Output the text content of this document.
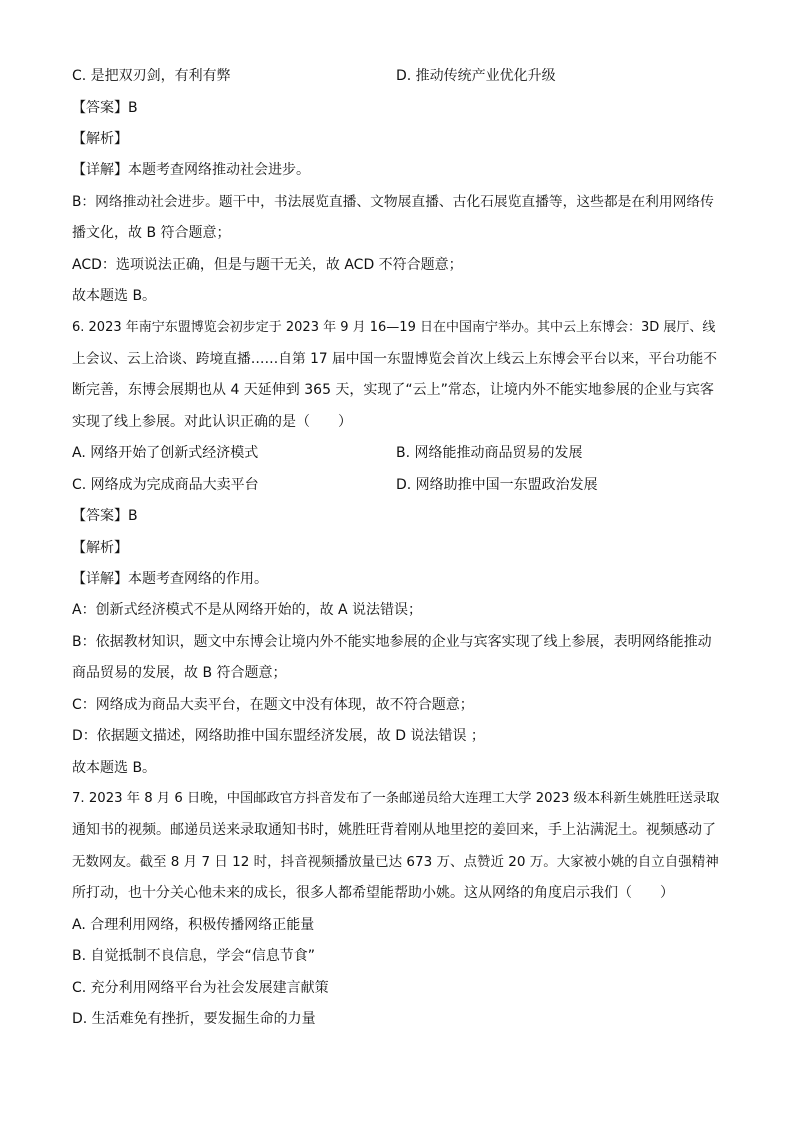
C. 是把双刃剑，有利有弊	D. 推动传统产业优化升级
【答案】B
【解析】
【详解】本题考查网络推动社会进步。
B：网络推动社会进步。题干中，书法展览直播、文物展直播、古化石展览直播等，这些都是在利用网络传
播文化，故 B 符合题意；
ACD：选项说法正确，但是与题干无关，故 ACD 不符合题意；
故本题选 B。
6. 2023 年南宁东盟博览会初步定于 2023 年 9 月 16—19 日在中国南宁举办。其中云上东博会：3D 展厅、线
上会议、云上洽谈、跨境直播……自第 17 届中国一东盟博览会首次上线云上东博会平台以来，平台功能不
断完善，东博会展期也从 4 天延伸到 365 天，实现了“云上”常态，让境内外不能实地参展的企业与宾客
实现了线上参展。对此认识正确的是（　　）
A. 网络开始了创新式经济模式	B. 网络能推动商品贸易的发展
C. 网络成为完成商品大卖平台	D. 网络助推中国一东盟政治发展
【答案】B
【解析】
【详解】本题考查网络的作用。
A：创新式经济模式不是从网络开始的，故 A 说法错误；
B：依据教材知识，题文中东博会让境内外不能实地参展的企业与宾客实现了线上参展，表明网络能推动
商品贸易的发展，故 B 符合题意；
C：网络成为商品大卖平台，在题文中没有体现，故不符合题意；
D：依据题文描述，网络助推中国东盟经济发展，故 D 说法错误 ；
故本题选 B。
7. 2023 年 8 月 6 日晚，中国邮政官方抖音发布了一条邮递员给大连理工大学 2023 级本科新生姚胜旺送录取
通知书的视频。邮递员送来录取通知书时，姚胜旺背着刚从地里挖的姜回来，手上沾满泥土。视频感动了
无数网友。截至 8 月 7 日 12 时，抖音视频播放量已达 673 万、点赞近 20 万。大家被小姚的自立自强精神
所打动，也十分关心他未来的成长，很多人都希望能帮助小姚。这从网络的角度启示我们（　　）
A. 合理利用网络，积极传播网络正能量
B. 自觉抵制不良信息，学会“信息节食”
C. 充分利用网络平台为社会发展建言献策
D. 生活难免有挫折，要发掘生命的力量
